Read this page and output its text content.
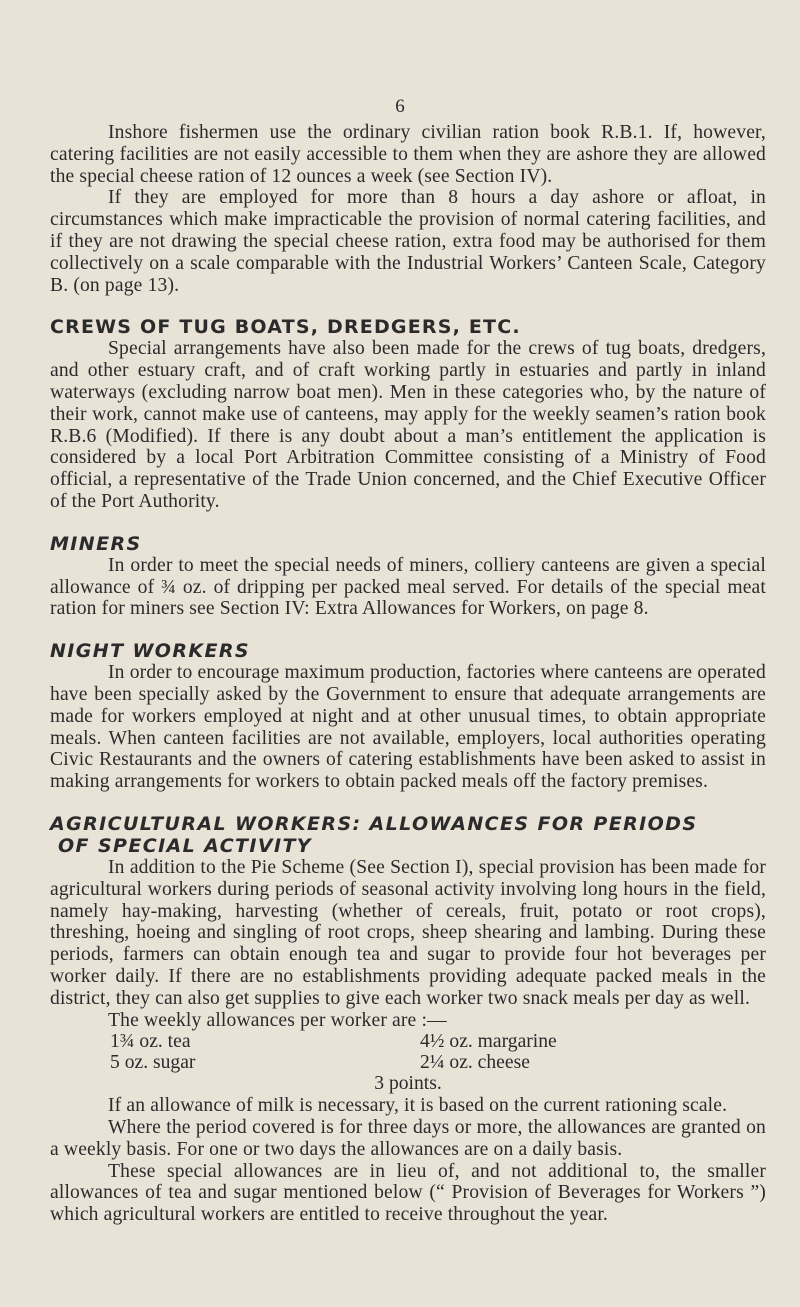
6

Inshore fishermen use the ordinary civilian ration book R.B.1. If, however, catering facilities are not easily accessible to them when they are ashore they are allowed the special cheese ration of 12 ounces a week (see Section IV).

If they are employed for more than 8 hours a day ashore or afloat, in circumstances which make impracticable the provision of normal catering facilities, and if they are not drawing the special cheese ration, extra food may be authorised for them collectively on a scale comparable with the Industrial Workers’ Canteen Scale, Category B. (on page 13).

CREWS OF TUG BOATS, DREDGERS, ETC.

Special arrangements have also been made for the crews of tug boats, dredgers, and other estuary craft, and of craft working partly in estuaries and partly in inland waterways (excluding narrow boat men). Men in these categories who, by the nature of their work, cannot make use of canteens, may apply for the weekly seamen’s ration book R.B.6 (Modified). If there is any doubt about a man’s entitlement the application is considered by a local Port Arbitration Committee consisting of a Ministry of Food official, a representative of the Trade Union concerned, and the Chief Executive Officer of the Port Authority.

MINERS

In order to meet the special needs of miners, colliery canteens are given a special allowance of ¾ oz. of dripping per packed meal served. For details of the special meat ration for miners see Section IV: Extra Allowances for Workers, on page 8.

NIGHT WORKERS

In order to encourage maximum production, factories where canteens are operated have been specially asked by the Government to ensure that adequate arrangements are made for workers employed at night and at other unusual times, to obtain appropriate meals. When canteen facilities are not available, employers, local authorities operating Civic Restaurants and the owners of catering establishments have been asked to assist in making arrangements for workers to obtain packed meals off the factory premises.

AGRICULTURAL WORKERS: ALLOWANCES FOR PERIODS
OF SPECIAL ACTIVITY

In addition to the Pie Scheme (See Section I), special provision has been made for agricultural workers during periods of seasonal activity involving long hours in the field, namely hay-making, harvesting (whether of cereals, fruit, potato or root crops), threshing, hoeing and singling of root crops, sheep shearing and lambing. During these periods, farmers can obtain enough tea and sugar to provide four hot beverages per worker daily. If there are no establishments providing adequate packed meals in the district, they can also get supplies to give each worker two snack meals per day as well.

The weekly allowances per worker are :—

1¾ oz. tea	4½ oz. margarine
5 oz. sugar	2¼ oz. cheese
3 points.

If an allowance of milk is necessary, it is based on the current rationing scale.

Where the period covered is for three days or more, the allowances are granted on a weekly basis. For one or two days the allowances are on a daily basis.

These special allowances are in lieu of, and not additional to, the smaller allowances of tea and sugar mentioned below (“ Provision of Beverages for Workers ”) which agricultural workers are entitled to receive throughout the year.
